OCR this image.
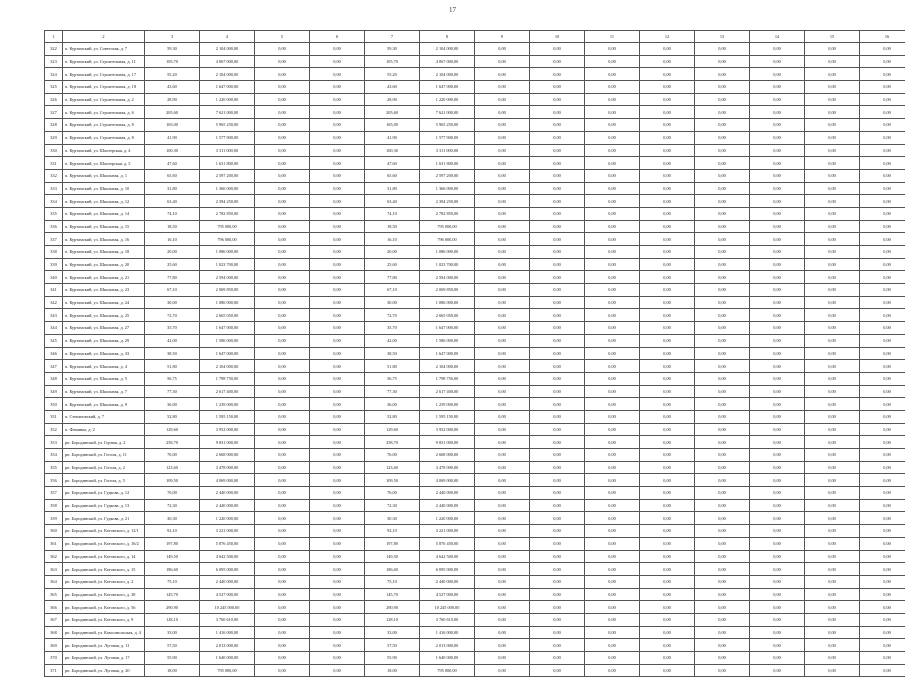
17
1	2	3	4	5	6	7	8	9	10	11	12	13	14	15	16
322	п. Куртамский, ул. Советская, д. 7	59,30	2 104 000,00	0,00	0,00	59,30	2 104 000,00	0,00	0,00	0,00	0,00	0,00	0,00	0,00	0,00
323	п. Куртамский, ул. Строительная, д. 11	105,70	4 067 000,00	0,00	0,00	105,70	4 067 000,00	0,00	0,00	0,00	0,00	0,00	0,00	0,00	0,00
324	п. Куртамский, ул. Строительная, д. 17	55,20	2 104 000,00	0,00	0,00	55,20	2 104 000,00	0,00	0,00	0,00	0,00	0,00	0,00	0,00	0,00
325	п. Куртамский, ул. Строительная, д. 18	43,60	1 647 000,00	0,00	0,00	43,60	1 647 000,00	0,00	0,00	0,00	0,00	0,00	0,00	0,00	0,00
326	п. Куртамский, ул. Строительная, д. 2	28,90	1 220 000,00	0,00	0,00	28,90	1 220 000,00	0,00	0,00	0,00	0,00	0,00	0,00	0,00	0,00
327	п. Куртамский, ул. Строительная, д. 6	205,60	7 621 000,00	0,00	0,00	205,60	7 621 000,00	0,00	0,00	0,00	0,00	0,00	0,00	0,00	0,00
328	п. Куртамский, ул. Строительная, д. 8	165,00	5 965 250,00	0,00	0,00	165,00	5 965 250,00	0,00	0,00	0,00	0,00	0,00	0,00	0,00	0,00
329	п. Куртамский, ул. Строительная, д. 8	41,90	1 577 900,00	0,00	0,00	41,90	1 577 900,00	0,00	0,00	0,00	0,00	0,00	0,00	0,00	0,00
330	п. Куртамский, ул. Шахтерская, д. 4	100,30	3 311 000,00	0,00	0,00	100,30	3 311 000,00	0,00	0,00	0,00	0,00	0,00	0,00	0,00	0,00
331	п. Куртамский, ул. Шахтерская, д. 5	47,60	1 631 800,00	0,00	0,00	47,60	1 631 800,00	0,00	0,00	0,00	0,00	0,00	0,00	0,00	0,00
332	п. Куртамский, ул. Школьная, д. 1	65,60	2 597 200,00	0,00	0,00	65,60	2 597 200,00	0,00	0,00	0,00	0,00	0,00	0,00	0,00	0,00
333	п. Куртамский, ул. Школьная, д. 10	31,80	1 366 000,00	0,00	0,00	31,80	1 366 000,00	0,00	0,00	0,00	0,00	0,00	0,00	0,00	0,00
334	п. Куртамский, ул. Школьная, д. 12	63,40	2 394 250,00	0,00	0,00	63,40	2 394 250,00	0,00	0,00	0,00	0,00	0,00	0,00	0,00	0,00
335	п. Куртамский, ул. Школьная, д. 14	74,10	2 782 850,00	0,00	0,00	74,10	2 782 850,00	0,00	0,00	0,00	0,00	0,00	0,00	0,00	0,00
336	п. Куртамский, ул. Школьная, д. 15	18,50	795 000,00	0,00	0,00	18,50	795 000,00	0,00	0,00	0,00	0,00	0,00	0,00	0,00	0,00
337	п. Куртамский, ул. Школьная, д. 16	16,10	796 000,00	0,00	0,00	16,10	796 000,00	0,00	0,00	0,00	0,00	0,00	0,00	0,00	0,00
338	п. Куртамский, ул. Школьная, д. 18	20,00	1 086 000,00	0,00	0,00	20,00	1 086 000,00	0,00	0,00	0,00	0,00	0,00	0,00	0,00	0,00
339	п. Куртамский, ул. Школьная, д. 20	25,60	1 023 700,00	0,00	0,00	25,60	1 023 700,00	0,00	0,00	0,00	0,00	0,00	0,00	0,00	0,00
340	п. Куртамский, ул. Школьная, д. 21	77,80	2 594 000,00	0,00	0,00	77,80	2 594 000,00	0,00	0,00	0,00	0,00	0,00	0,00	0,00	0,00
341	п. Куртамский, ул. Школьная, д. 23	67,10	2 069 850,00	0,00	0,00	67,10	2 069 850,00	0,00	0,00	0,00	0,00	0,00	0,00	0,00	0,00
342	п. Куртамский, ул. Школьная, д. 24	30,00	1 086 000,00	0,00	0,00	30,00	1 086 000,00	0,00	0,00	0,00	0,00	0,00	0,00	0,00	0,00
343	п. Куртамский, ул. Школьная, д. 25	72,70	2 665 050,00	0,00	0,00	72,70	2 665 050,00	0,00	0,00	0,00	0,00	0,00	0,00	0,00	0,00
344	п. Куртамский, ул. Школьная, д. 27	35,70	1 647 000,00	0,00	0,00	35,70	1 647 000,00	0,00	0,00	0,00	0,00	0,00	0,00	0,00	0,00
345	п. Куртамский, ул. Школьная, д. 29	42,00	1 586 000,00	0,00	0,00	42,00	1 586 000,00	0,00	0,00	0,00	0,00	0,00	0,00	0,00	0,00
346	п. Куртамский, ул. Школьная, д. 33	38,50	1 647 000,00	0,00	0,00	38,50	1 647 000,00	0,00	0,00	0,00	0,00	0,00	0,00	0,00	0,00
347	п. Куртамский, ул. Школьная, д. 4	51,80	2 104 000,00	0,00	0,00	51,80	2 104 000,00	0,00	0,00	0,00	0,00	0,00	0,00	0,00	0,00
348	п. Куртамский, ул. Школьная, д. 5	56,75	1 798 750,00	0,00	0,00	56,75	1 798 750,00	0,00	0,00	0,00	0,00	0,00	0,00	0,00	0,00
349	п. Куртамский, ул. Школьная, д. 7	77,30	2 617 400,00	0,00	0,00	77,30	2 617 400,00	0,00	0,00	0,00	0,00	0,00	0,00	0,00	0,00
350	п. Куртамский, ул. Школьная, д. 9	36,00	1 239 000,00	0,00	0,00	36,00	1 239 000,00	0,00	0,00	0,00	0,00	0,00	0,00	0,00	0,00
351	п. Степановский, д. 7	52,80	1 595 150,00	0,00	0,00	52,80	1 595 150,00	0,00	0,00	0,00	0,00	0,00	0,00	0,00	0,00
352	п. Фоминка, д. 2	129,60	3 952 000,00	0,00	0,00	129,60	3 952 000,00	0,00	0,00	0,00	0,00	0,00	0,00	0,00	0,00
353	рп. Бородинский, ул. Горная, д. 2	258,70	9 831 000,00	0,00	0,00	258,70	9 831 000,00	0,00	0,00	0,00	0,00	0,00	0,00	0,00	0,00
354	рп. Бородинский, ул. Гоголя, д. 11	76,00	2 668 000,00	0,00	0,00	76,00	2 668 000,00	0,00	0,00	0,00	0,00	0,00	0,00	0,00	0,00
355	рп. Бородинский, ул. Гоголя, д. 2	123,60	3 478 000,00	0,00	0,00	123,60	3 478 000,00	0,00	0,00	0,00	0,00	0,00	0,00	0,00	0,00
356	рп. Бородинский, ул. Гоголя, д. 5	109,50	4 069 000,00	0,00	0,00	109,50	4 069 000,00	0,00	0,00	0,00	0,00	0,00	0,00	0,00	0,00
357	рп. Бородинский, ул. Гудкова, д. 12	76,00	2 440 000,00	0,00	0,00	76,00	2 440 000,00	0,00	0,00	0,00	0,00	0,00	0,00	0,00	0,00
358	рп. Бородинский, ул. Гудкова, д. 13	72,30	2 440 000,00	0,00	0,00	72,30	2 440 000,00	0,00	0,00	0,00	0,00	0,00	0,00	0,00	0,00
359	рп. Бородинский, ул. Гудкова, д. 21	30,30	1 220 000,00	0,00	0,00	30,30	1 220 000,00	0,00	0,00	0,00	0,00	0,00	0,00	0,00	0,00
360	рп. Бородинский, ул. Котовского, д. 12/1	92,10	3 221 000,00	0,00	0,00	92,10	3 221 000,00	0,00	0,00	0,00	0,00	0,00	0,00	0,00	0,00
361	рп. Бородинский, ул. Котовского, д. 16/2	197,80	5 876 450,00	0,00	0,00	197,80	5 876 450,00	0,00	0,00	0,00	0,00	0,00	0,00	0,00	0,00
362	рп. Бородинский, ул. Котовского, д. 14	149,50	4 642 500,00	0,00	0,00	149,50	4 642 500,00	0,00	0,00	0,00	0,00	0,00	0,00	0,00	0,00
363	рп. Бородинский, ул. Котовского, д. 15	186,60	6 095 000,00	0,00	0,00	186,60	6 095 000,00	0,00	0,00	0,00	0,00	0,00	0,00	0,00	0,00
364	рп. Бородинский, ул. Котовского, д. 2	75,10	2 440 000,00	0,00	0,00	75,10	2 440 000,00	0,00	0,00	0,00	0,00	0,00	0,00	0,00	0,00
365	рп. Бородинский, ул. Котовского, д. 38	145,70	4 527 000,00	0,00	0,00	145,70	4 527 000,00	0,00	0,00	0,00	0,00	0,00	0,00	0,00	0,00
366	рп. Бородинский, ул. Котовского, д. 56	290,90	10 245 000,00	0,00	0,00	290,90	10 245 000,00	0,00	0,00	0,00	0,00	0,00	0,00	0,00	0,00
367	рп. Бородинский, ул. Котовского, д. 9	128,10	3 760 610,00	0,00	0,00	128,10	3 760 610,00	0,00	0,00	0,00	0,00	0,00	0,00	0,00	0,00
368	рп. Бородинский, ул. Комсомольская, д. 4	33,00	1 416 000,00	0,00	0,00	33,00	1 416 000,00	0,00	0,00	0,00	0,00	0,00	0,00	0,00	0,00
369	рп. Бородинский, ул. Луговая, д. 11	57,50	2 013 000,00	0,00	0,00	57,50	2 013 000,00	0,00	0,00	0,00	0,00	0,00	0,00	0,00	0,00
370	рп. Бородинский, ул. Луговая, д. 17	55,90	1 640 000,00	0,00	0,00	55,90	1 640 000,00	0,00	0,00	0,00	0,00	0,00	0,00	0,00	0,00
371	рп. Бородинский, ул. Луговая, д. 20	18,00	795 000,00	0,00	0,00	18,00	795 000,00	0,00	0,00	0,00	0,00	0,00	0,00	0,00	0,00
